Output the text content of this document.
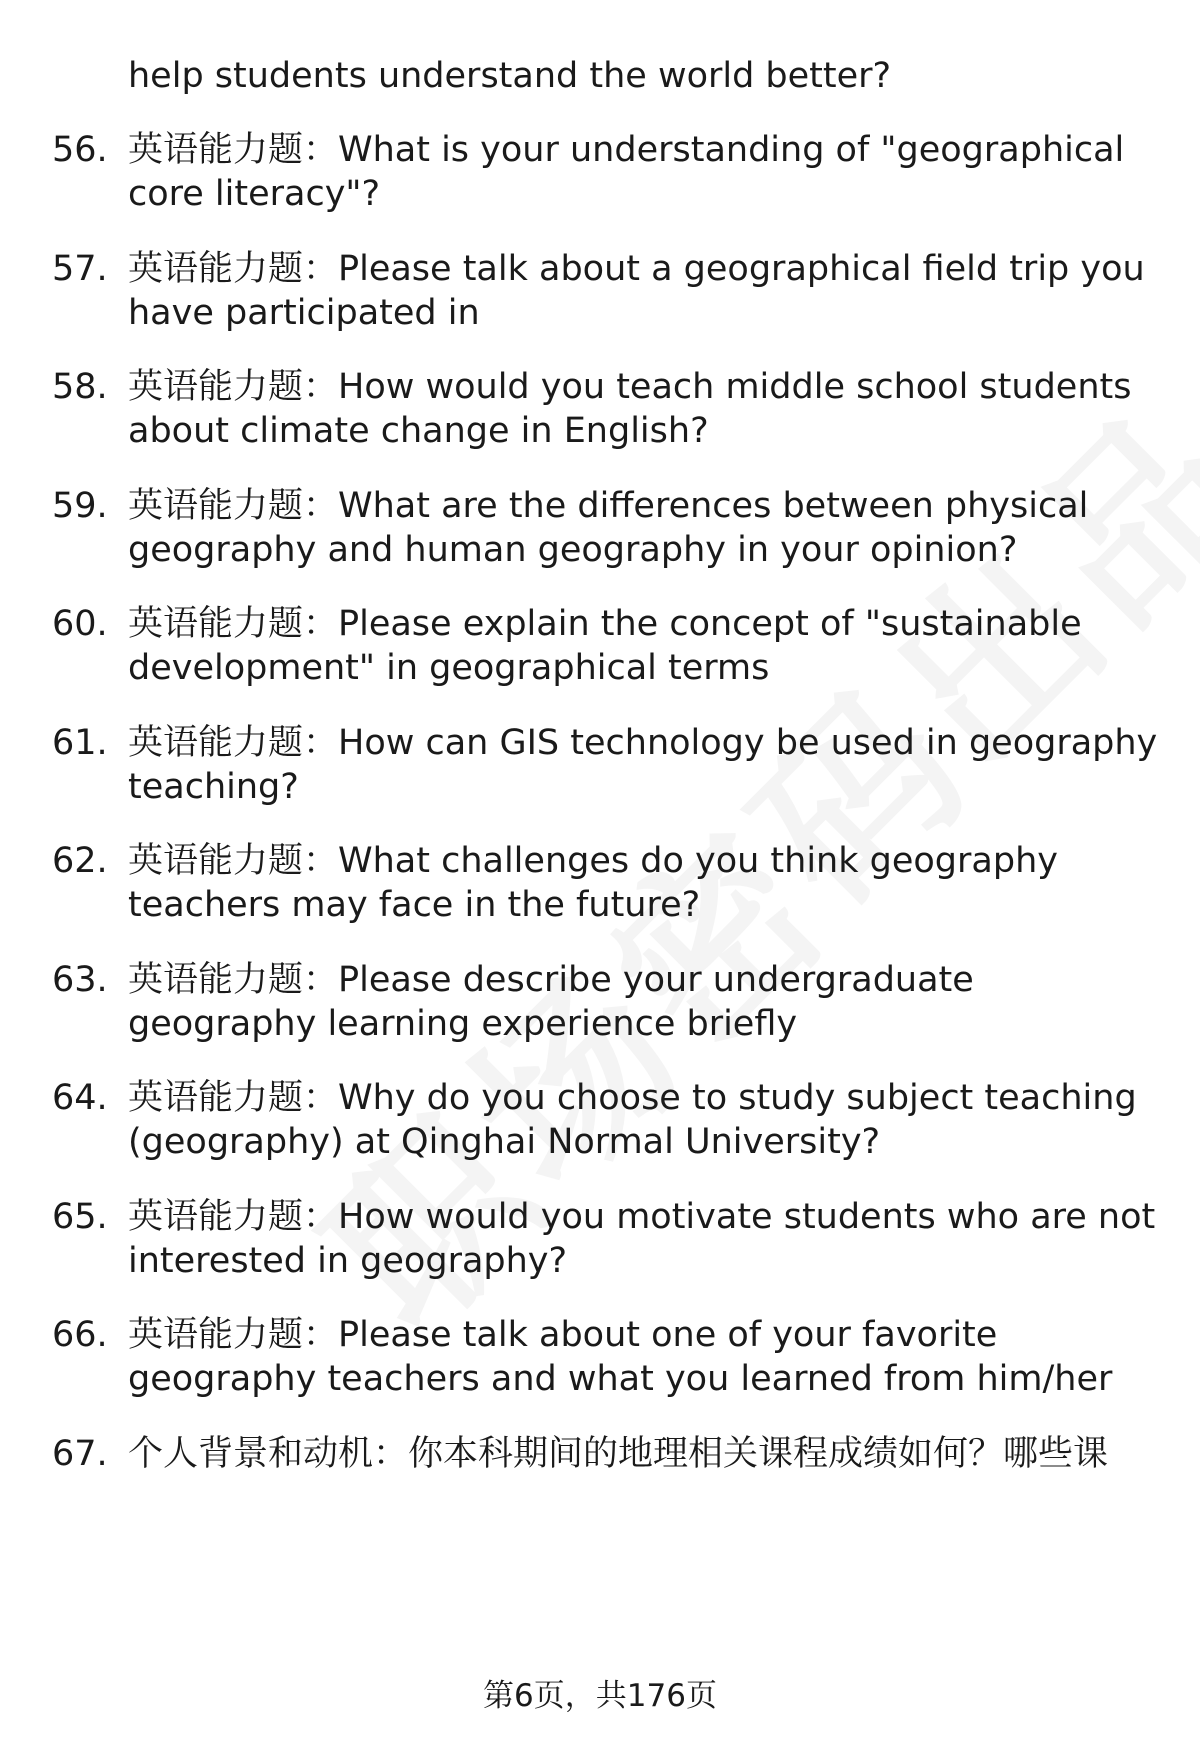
help students understand the world better?
56. 英语能力题：What is your understanding of "geographical
core literacy"?
57. 英语能力题：Please talk about a geographical field trip you
have participated in
58. 英语能力题：How would you teach middle school students
about climate change in English?
59. 英语能力题：What are the differences between physical
geography and human geography in your opinion?
60. 英语能力题：Please explain the concept of "sustainable
development" in geographical terms
61. 英语能力题：How can GIS technology be used in geography
teaching?
62. 英语能力题：What challenges do you think geography
teachers may face in the future?
63. 英语能力题：Please describe your undergraduate
geography learning experience briefly
64. 英语能力题：Why do you choose to study subject teaching
(geography) at Qinghai Normal University?
65. 英语能力题：How would you motivate students who are not
interested in geography?
66. 英语能力题：Please talk about one of your favorite
geography teachers and what you learned from him/her
67. 个人背景和动机：你本科期间的地理相关课程成绩如何？哪些课
第6页，共176页
